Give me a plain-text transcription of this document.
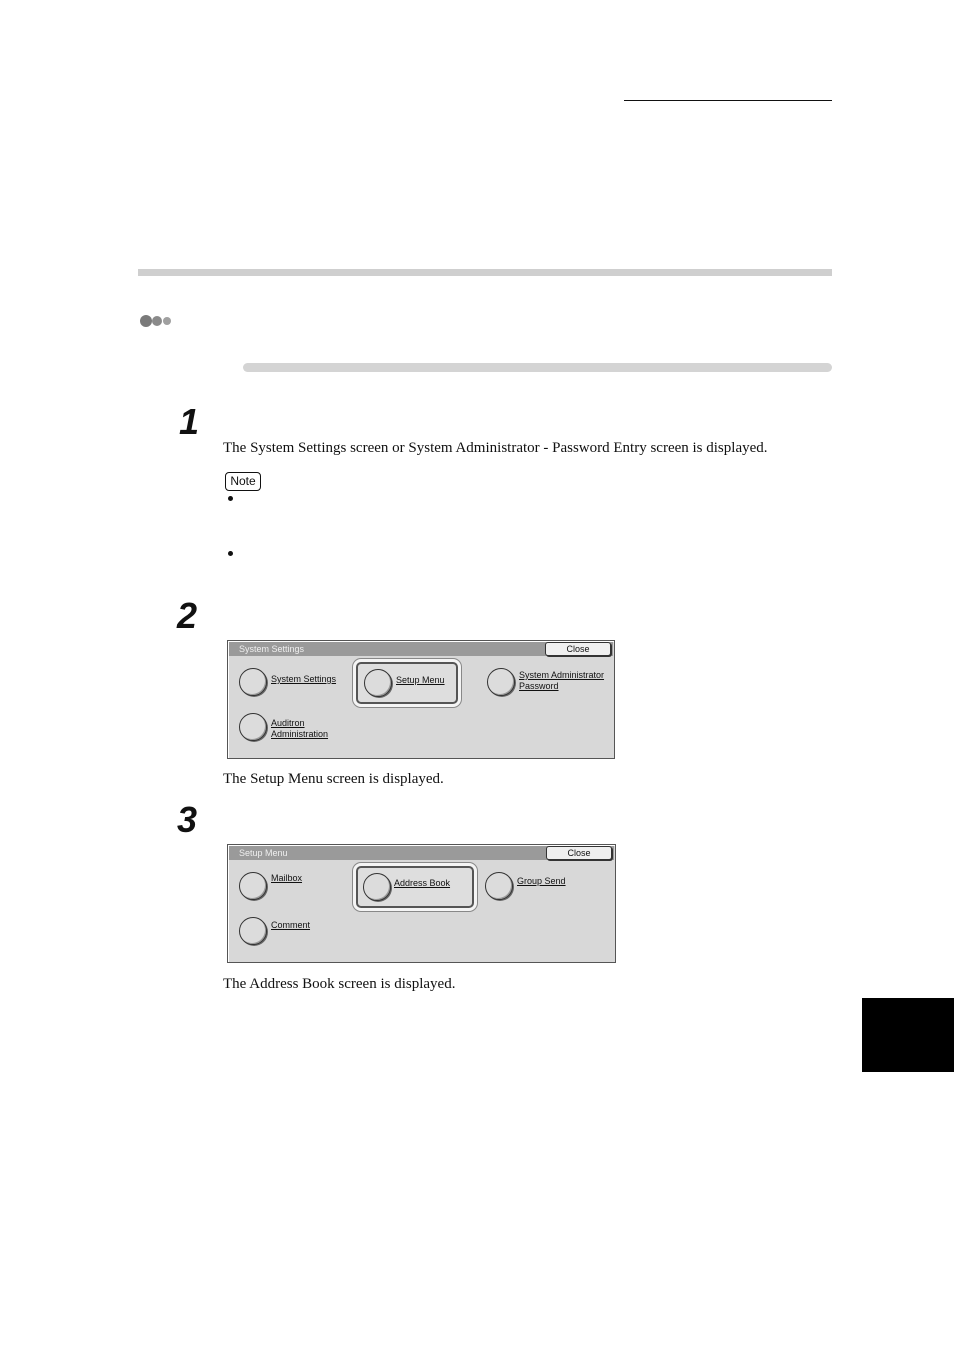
1
The System Settings screen or System Administrator - Password Entry screen is displayed.
Note
2
System Settings	Close
System Settings	Setup Menu	System Administrator
Password
Auditron
Administration
The Setup Menu screen is displayed.
3
Setup Menu	Close
Mailbox	Address Book	Group Send
Comment
The Address Book screen is displayed.
